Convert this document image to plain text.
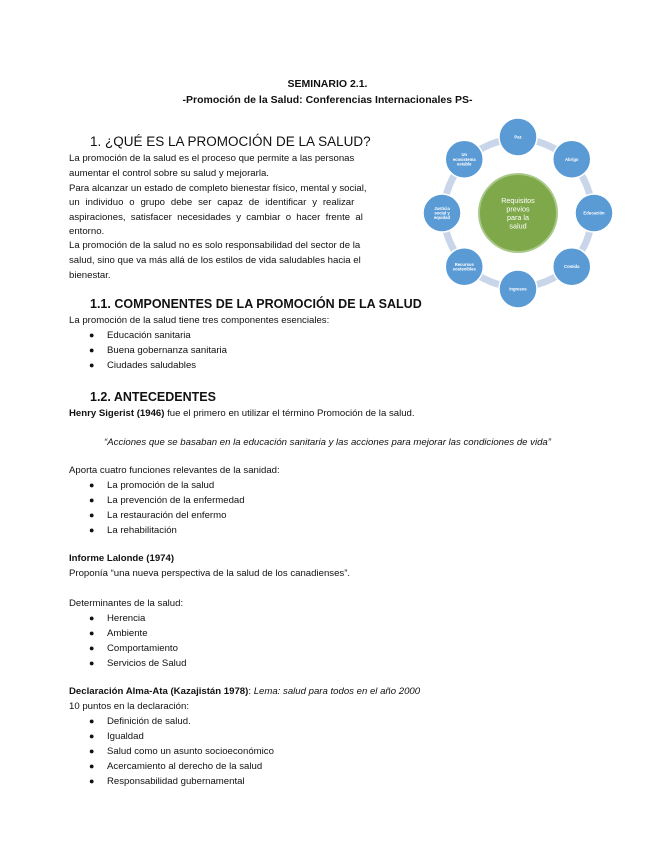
SEMINARIO 2.1.
-Promoción de la Salud: Conferencias Internacionales PS-
1. ¿QUÉ ES LA PROMOCIÓN DE LA SALUD?
La promoción de la salud es el proceso que permite a las personas
aumentar el control sobre su salud y mejorarla.
Para alcanzar un estado de completo bienestar físico, mental y social,
un individuo o grupo debe ser capaz de identificar y realizar
aspiraciones, satisfacer necesidades y cambiar o hacer frente al
entorno.
La promoción de la salud no es solo responsabilidad del sector de la
salud, sino que va más allá de los estilos de vida saludables hacia el
bienestar.
Paz
Abrigo
Educación
Comida
Ingresos
Recursos
sostenibles
Justicia
social y
equidad
Un
ecosistema
estable
Requisitos
previos
para la
salud
1.1. COMPONENTES DE LA PROMOCIÓN DE LA SALUD
La promoción de la salud tiene tres componentes esenciales:
● Educación sanitaria
● Buena gobernanza sanitaria
● Ciudades saludables
1.2. ANTECEDENTES
Henry Sigerist (1946) fue el primero en utilizar el término Promoción de la salud.
“Acciones que se basaban en la educación sanitaria y las acciones para mejorar las condiciones de vida”
Aporta cuatro funciones relevantes de la sanidad:
● La promoción de la salud
● La prevención de la enfermedad
● La restauración del enfermo
● La rehabilitación
Informe Lalonde (1974)
Proponía “una nueva perspectiva de la salud de los canadienses”.
Determinantes de la salud:
● Herencia
● Ambiente
● Comportamiento
● Servicios de Salud
Declaración Alma-Ata (Kazajistán 1978): Lema: salud para todos en el año 2000
10 puntos en la declaración:
● Definición de salud.
● Igualdad
● Salud como un asunto socioeconómico
● Acercamiento al derecho de la salud
● Responsabilidad gubernamental
